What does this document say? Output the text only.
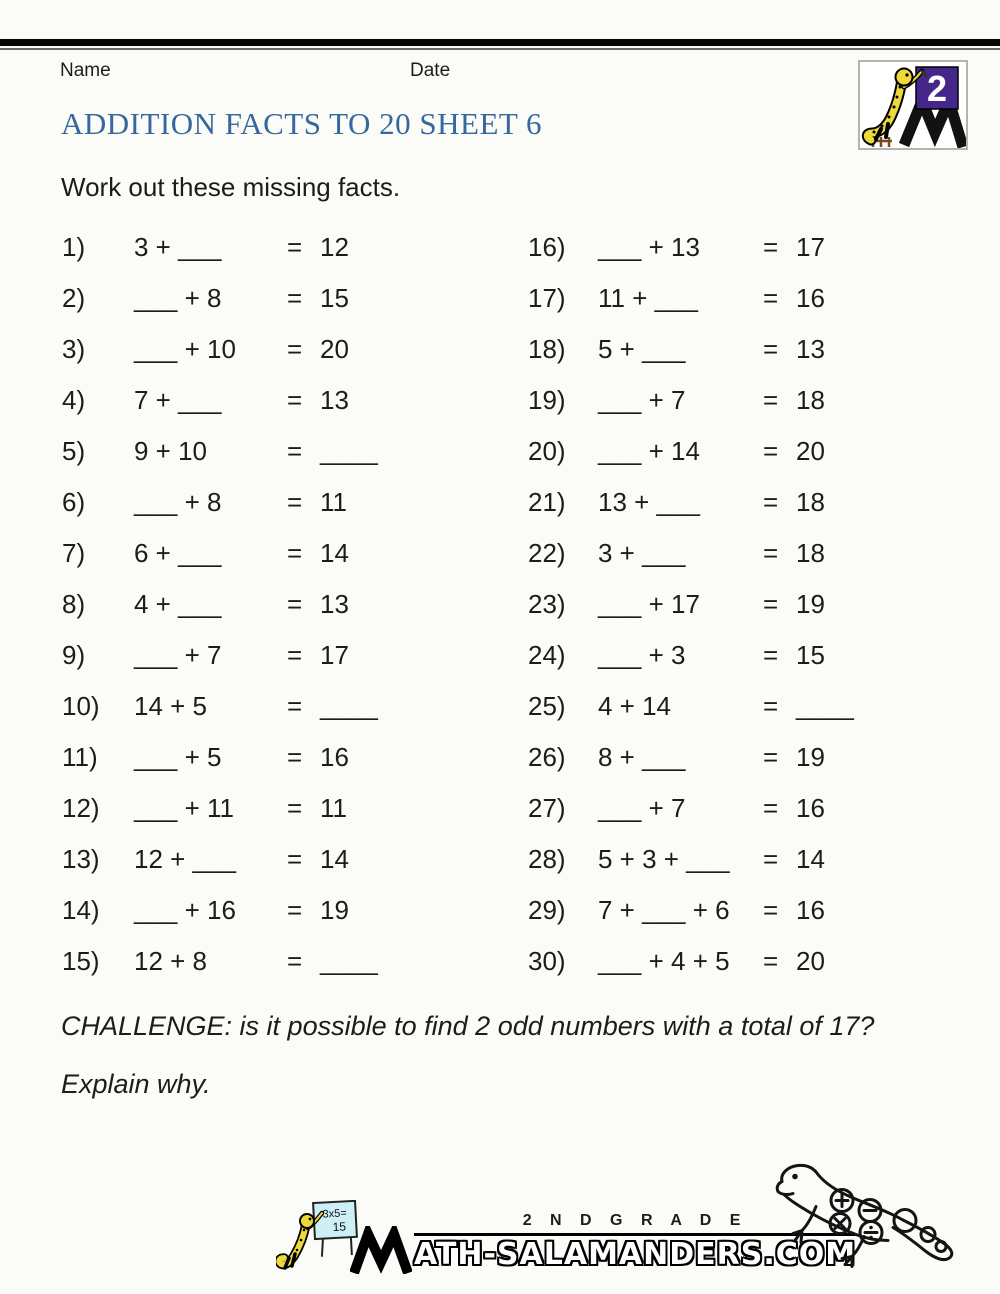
Name	Date	2
ADDITION FACTS TO 20 SHEET 6
Work out these missing facts.
1)	3 + ___	= 12
2)	___ + 8	= 15
3)	___ + 10	= 20
4)	7 + ___	= 13
5)	9 + 10	= ____
6)	___ + 8	= 11
7)	6 + ___	= 14
8)	4 + ___	= 13
9)	___ + 7	= 17
10)	14 + 5	= ____
11)	___ + 5	= 16
12)	___ + 11	= 11
13)	12 + ___	= 14
14)	___ + 16	= 19
15)	12 + 8	= ____
16)	___ + 13	= 17
17)	11 + ___	= 16
18)	5 + ___	= 13
19)	___ + 7	= 18
20)	___ + 14	= 20
21)	13 + ___	= 18
22)	3 + ___	= 18
23)	___ + 17	= 19
24)	___ + 3	= 15
25)	4 + 14	= ____
26)	8 + ___	= 19
27)	___ + 7	= 16
28)	5 + 3 + ___	= 14
29)	7 + ___ + 6	= 16
30)	___ + 4 + 5	= 20
CHALLENGE: is it possible to find 2 odd numbers with a total of 17?
Explain why.
3x5=
15	2 N D G R A D E
ATH-SALAMANDERS.COM
